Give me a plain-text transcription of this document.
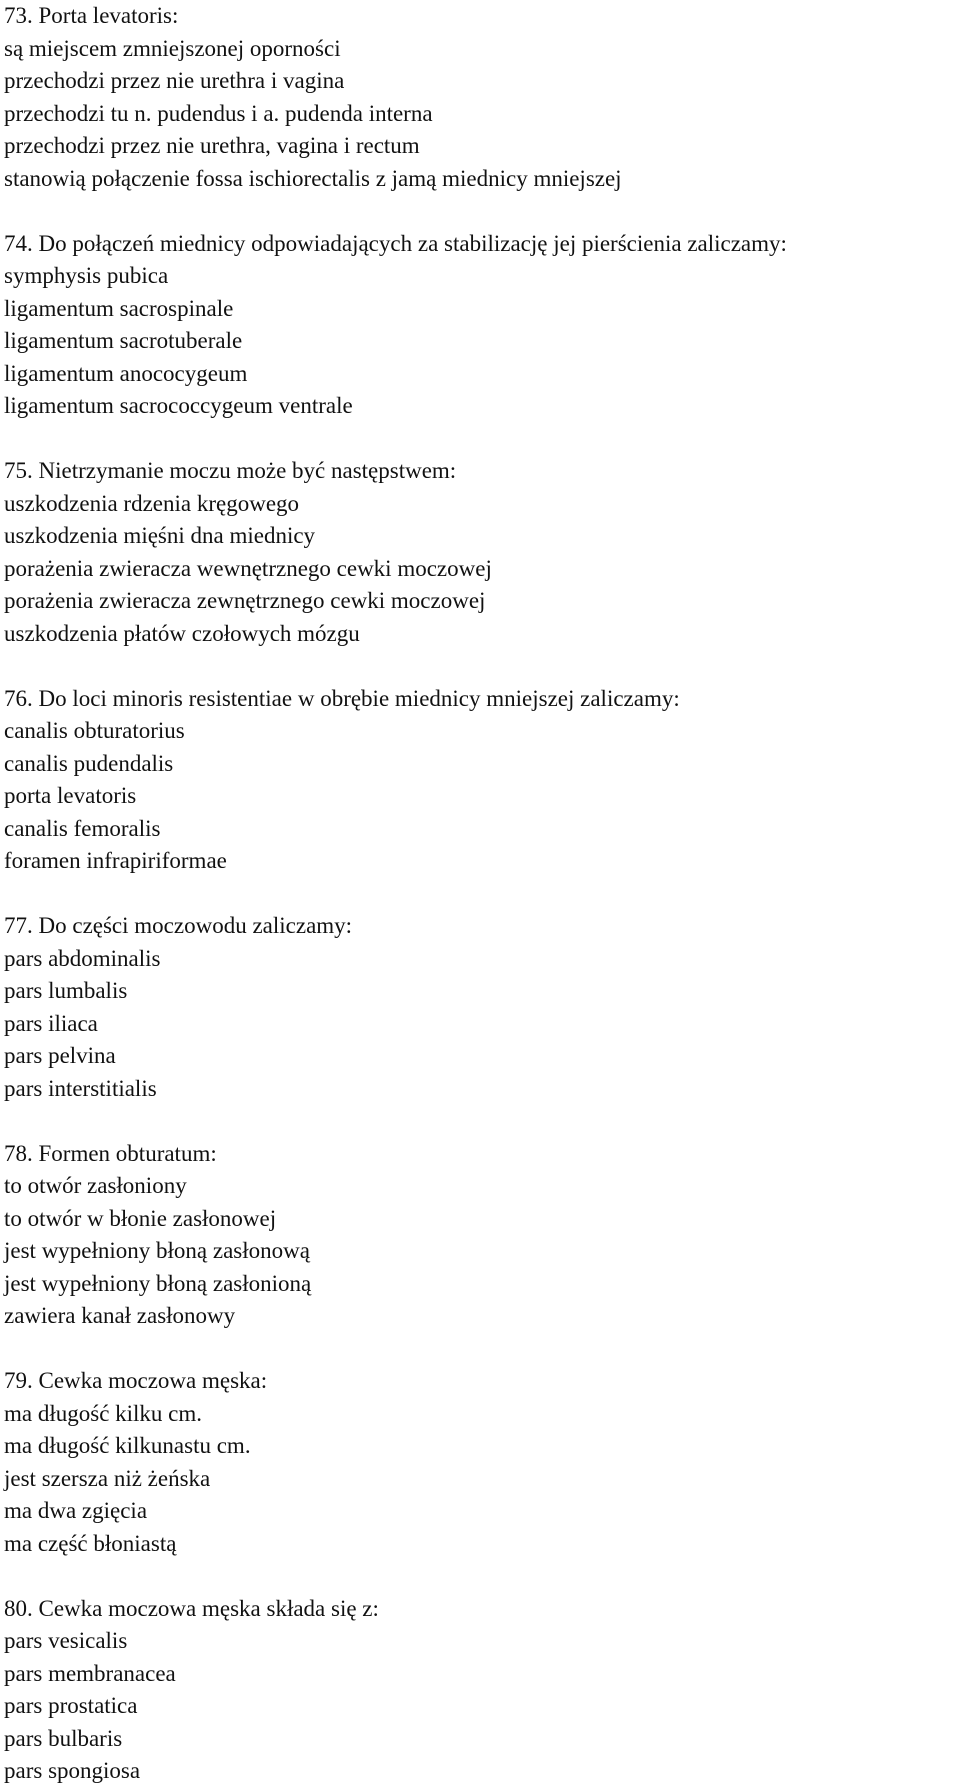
73. Porta levatoris:
są miejscem zmniejszonej oporności
przechodzi przez nie urethra i vagina
przechodzi tu n. pudendus i a. pudenda interna
przechodzi przez nie urethra, vagina i rectum
stanowią połączenie fossa ischiorectalis z jamą miednicy mniejszej
74. Do połączeń miednicy odpowiadających za stabilizację jej pierścienia zaliczamy:
symphysis pubica
ligamentum sacrospinale
ligamentum sacrotuberale
ligamentum anococygeum
ligamentum sacrococcygeum ventrale
75. Nietrzymanie moczu może być następstwem:
uszkodzenia rdzenia kręgowego
uszkodzenia mięśni dna miednicy
porażenia zwieracza wewnętrznego cewki moczowej
porażenia zwieracza zewnętrznego cewki moczowej
uszkodzenia płatów czołowych mózgu
76. Do loci minoris resistentiae w obrębie miednicy mniejszej zaliczamy:
canalis obturatorius
canalis pudendalis
porta levatoris
canalis femoralis
foramen infrapiriformae
77. Do części moczowodu zaliczamy:
pars abdominalis
pars lumbalis
pars iliaca
pars pelvina
pars interstitialis
78. Formen obturatum:
to otwór zasłoniony
to otwór w błonie zasłonowej
jest wypełniony błoną zasłonową
jest wypełniony błoną zasłonioną
zawiera kanał zasłonowy
79. Cewka moczowa męska:
ma długość kilku cm.
ma długość kilkunastu cm.
jest szersza niż żeńska
ma dwa zgięcia
ma część błoniastą
80. Cewka moczowa męska składa się z:
pars vesicalis
pars membranacea
pars prostatica
pars bulbaris
pars spongiosa
